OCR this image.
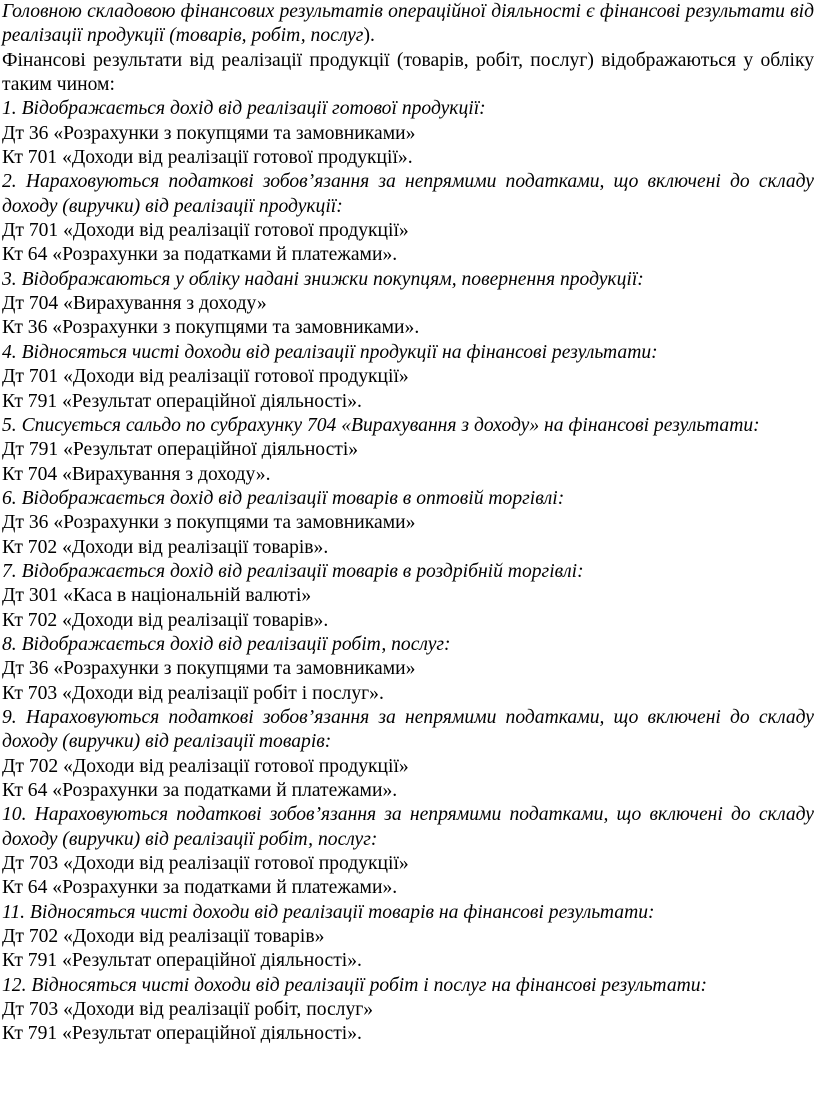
Головною складовою фінансових результатів операційної діяльності є фінансові результати від реалізації продукції (товарів, робіт, послуг).

Фінансові результати від реалізації продукції (товарів, робіт, послуг) відображаються у обліку таким чином:

1. Відображається дохід від реалізації готової продукції:

Дт 36 «Розрахунки з покупцями та замовниками»

Кт 701 «Доходи від реалізації готової продукції».

2. Нараховуються податкові зобов’язання за непрямими податками, що включені до складу доходу (виручки) від реалізації продукції:

Дт 701 «Доходи від реалізації готової продукції»

Кт 64 «Розрахунки за податками й платежами».

3. Відображаються у обліку надані знижки покупцям, повернення продукції:

Дт 704 «Вирахування з доходу»

Кт 36 «Розрахунки з покупцями та замовниками».

4. Відносяться чисті доходи від реалізації продукції на фінансові результати:

Дт 701 «Доходи від реалізації готової продукції»

Кт 791 «Результат операційної діяльності».

5. Списується сальдо по субрахунку 704 «Вирахування з доходу» на фінансові результати:

Дт 791 «Результат операційної діяльності»

Кт 704 «Вирахування з доходу».

6. Відображається дохід від реалізації товарів в оптовій торгівлі:

Дт 36 «Розрахунки з покупцями та замовниками»

Кт 702 «Доходи від реалізації товарів».

7. Відображається дохід від реалізації товарів в роздрібній торгівлі:

Дт 301 «Каса в національній валюті»

Кт 702 «Доходи від реалізації товарів».

8. Відображається дохід від реалізації робіт, послуг:

Дт 36 «Розрахунки з покупцями та замовниками»

Кт 703 «Доходи від реалізації робіт і послуг».

9. Нараховуються податкові зобов’язання за непрямими податками, що включені до складу доходу (виручки) від реалізації товарів:

Дт 702 «Доходи від реалізації готової продукції»

Кт 64 «Розрахунки за податками й платежами».

10. Нараховуються податкові зобов’язання за непрямими податками, що включені до складу доходу (виручки) від реалізації робіт, послуг:

Дт 703 «Доходи від реалізації готової продукції»

Кт 64 «Розрахунки за податками й платежами».

11. Відносяться чисті доходи від реалізації товарів на фінансові результати:

Дт 702 «Доходи від реалізації товарів»

Кт 791 «Результат операційної діяльності».

12. Відносяться чисті доходи від реалізації робіт і послуг на фінансові результати:

Дт 703 «Доходи від реалізації робіт, послуг»

Кт 791 «Результат операційної діяльності».
